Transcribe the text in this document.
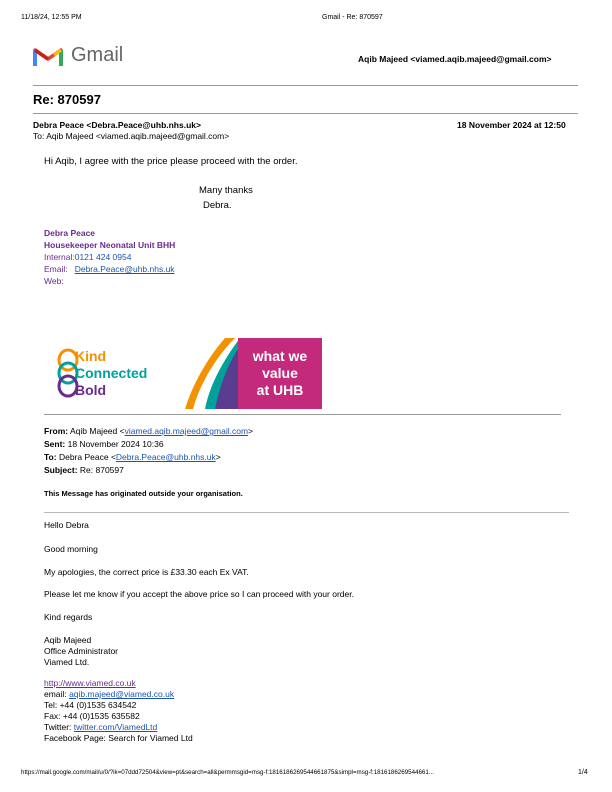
11/18/24, 12:55 PM	Gmail - Re: 870597
Gmail	Aqib Majeed <viamed.aqib.majeed@gmail.com>
Re: 870597
Debra Peace <Debra.Peace@uhb.nhs.uk>	18 November 2024 at 12:50
To: Aqib Majeed <viamed.aqib.majeed@gmail.com>
Hi Aqib, I agree with the price please proceed with the order.
Many thanks
Debra.
Debra Peace
Housekeeper Neonatal Unit BHH
Internal:0121 424 0954
Email: Debra.Peace@uhb.nhs.uk
Web:
Kind
Connected
Bold
what we
value
at UHB
From: Aqib Majeed <viamed.aqib.majeed@gmail.com>
Sent: 18 November 2024 10:36
To: Debra Peace <Debra.Peace@uhb.nhs.uk>
Subject: Re: 870597
This Message has originated outside your organisation.
Hello Debra
Good morning
My apologies, the correct price is £33.30 each Ex VAT.
Please let me know if you accept the above price so I can proceed with your order.
Kind regards
Aqib Majeed
Office Administrator
Viamed Ltd.
http://www.viamed.co.uk
email: aqib.majeed@viamed.co.uk
Tel: +44 (0)1535 634542
Fax: +44 (0)1535 635582
Twitter: twitter.com/ViamedLtd
Facebook Page: Search for Viamed Ltd
https://mail.google.com/mail/u/0/?ik=07ddd72504&view=pt&search=all&permmsgid=msg-f:1816186269544661875&simpl=msg-f:1816186269544661...	1/4
